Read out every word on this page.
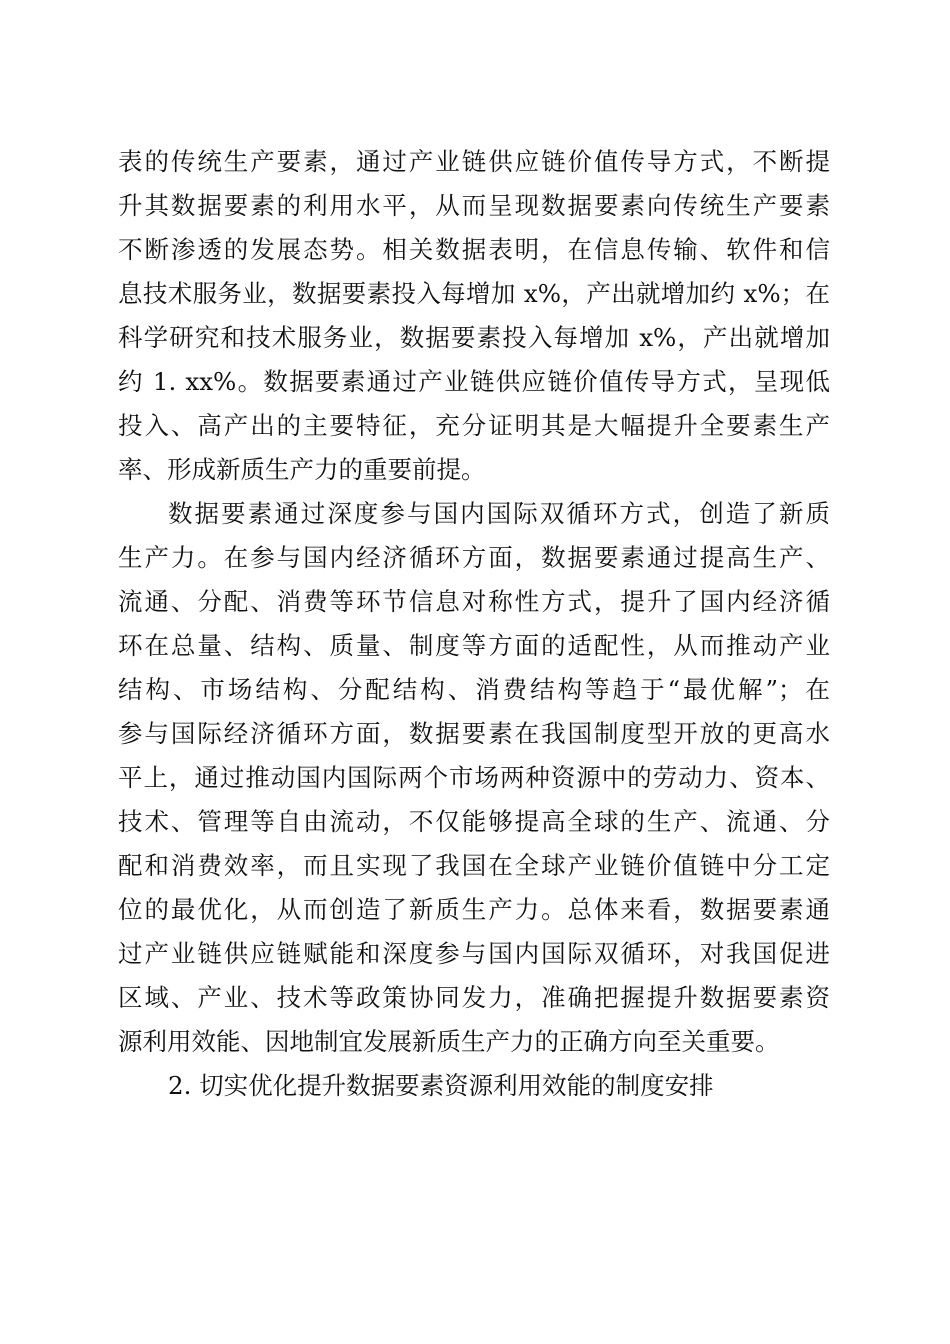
表的传统生产要素，通过产业链供应链价值传导方式，不断提
升其数据要素的利用水平，从而呈现数据要素向传统生产要素
不断渗透的发展态势。相关数据表明，在信息传输、软件和信
息技术服务业，数据要素投入每增加 x%，产出就增加约 x%；在
科学研究和技术服务业，数据要素投入每增加 x%，产出就增加
约 1. xx%。数据要素通过产业链供应链价值传导方式，呈现低
投入、高产出的主要特征，充分证明其是大幅提升全要素生产
率、形成新质生产力的重要前提。
数据要素通过深度参与国内国际双循环方式，创造了新质
生产力。在参与国内经济循环方面，数据要素通过提高生产、
流通、分配、消费等环节信息对称性方式，提升了国内经济循
环在总量、结构、质量、制度等方面的适配性，从而推动产业
结构、市场结构、分配结构、消费结构等趋于“最优解”；在
参与国际经济循环方面，数据要素在我国制度型开放的更高水
平上，通过推动国内国际两个市场两种资源中的劳动力、资本、
技术、管理等自由流动，不仅能够提高全球的生产、流通、分
配和消费效率，而且实现了我国在全球产业链价值链中分工定
位的最优化，从而创造了新质生产力。总体来看，数据要素通
过产业链供应链赋能和深度参与国内国际双循环，对我国促进
区域、产业、技术等政策协同发力，准确把握提升数据要素资
源利用效能、因地制宜发展新质生产力的正确方向至关重要。
2. 切实优化提升数据要素资源利用效能的制度安排
